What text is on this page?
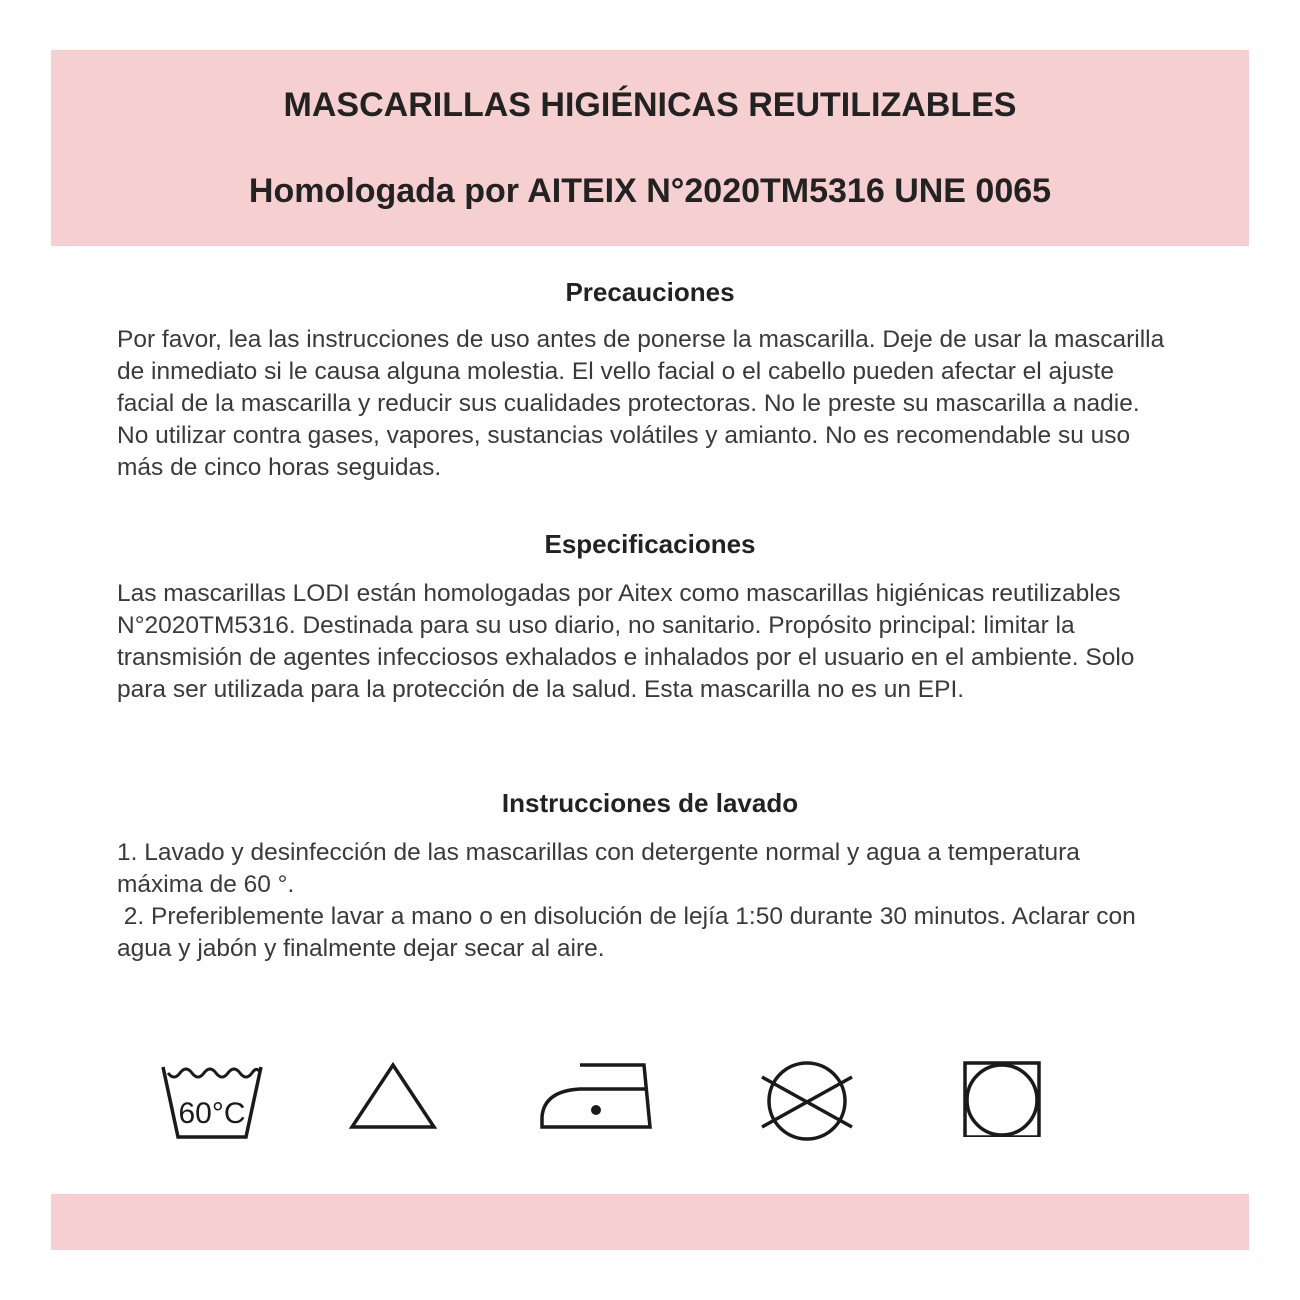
MASCARILLAS HIGIÉNICAS REUTILIZABLES
Homologada por AITEIX N°2020TM5316 UNE 0065
Precauciones

Por favor, lea las instrucciones de uso antes de ponerse la mascarilla. Deje de usar la mascarilla
de inmediato si le causa alguna molestia. El vello facial o el cabello pueden afectar el ajuste
facial de la mascarilla y reducir sus cualidades protectoras. No le preste su mascarilla a nadie.
No utilizar contra gases, vapores, sustancias volátiles y amianto. No es recomendable su uso
más de cinco horas seguidas.

Especificaciones

Las mascarillas LODI están homologadas por Aitex como mascarillas higiénicas reutilizables
N°2020TM5316. Destinada para su uso diario, no sanitario. Propósito principal: limitar la
transmisión de agentes infecciosos exhalados e inhalados por el usuario en el ambiente. Solo
para ser utilizada para la protección de la salud. Esta mascarilla no es un EPI.

Instrucciones de lavado

1. Lavado y desinfección de las mascarillas con detergente normal y agua a temperatura
máxima de 60 °.
2. Preferiblemente lavar a mano o en disolución de lejía 1:50 durante 30 minutos. Aclarar con
agua y jabón y finalmente dejar secar al aire.

60°C
